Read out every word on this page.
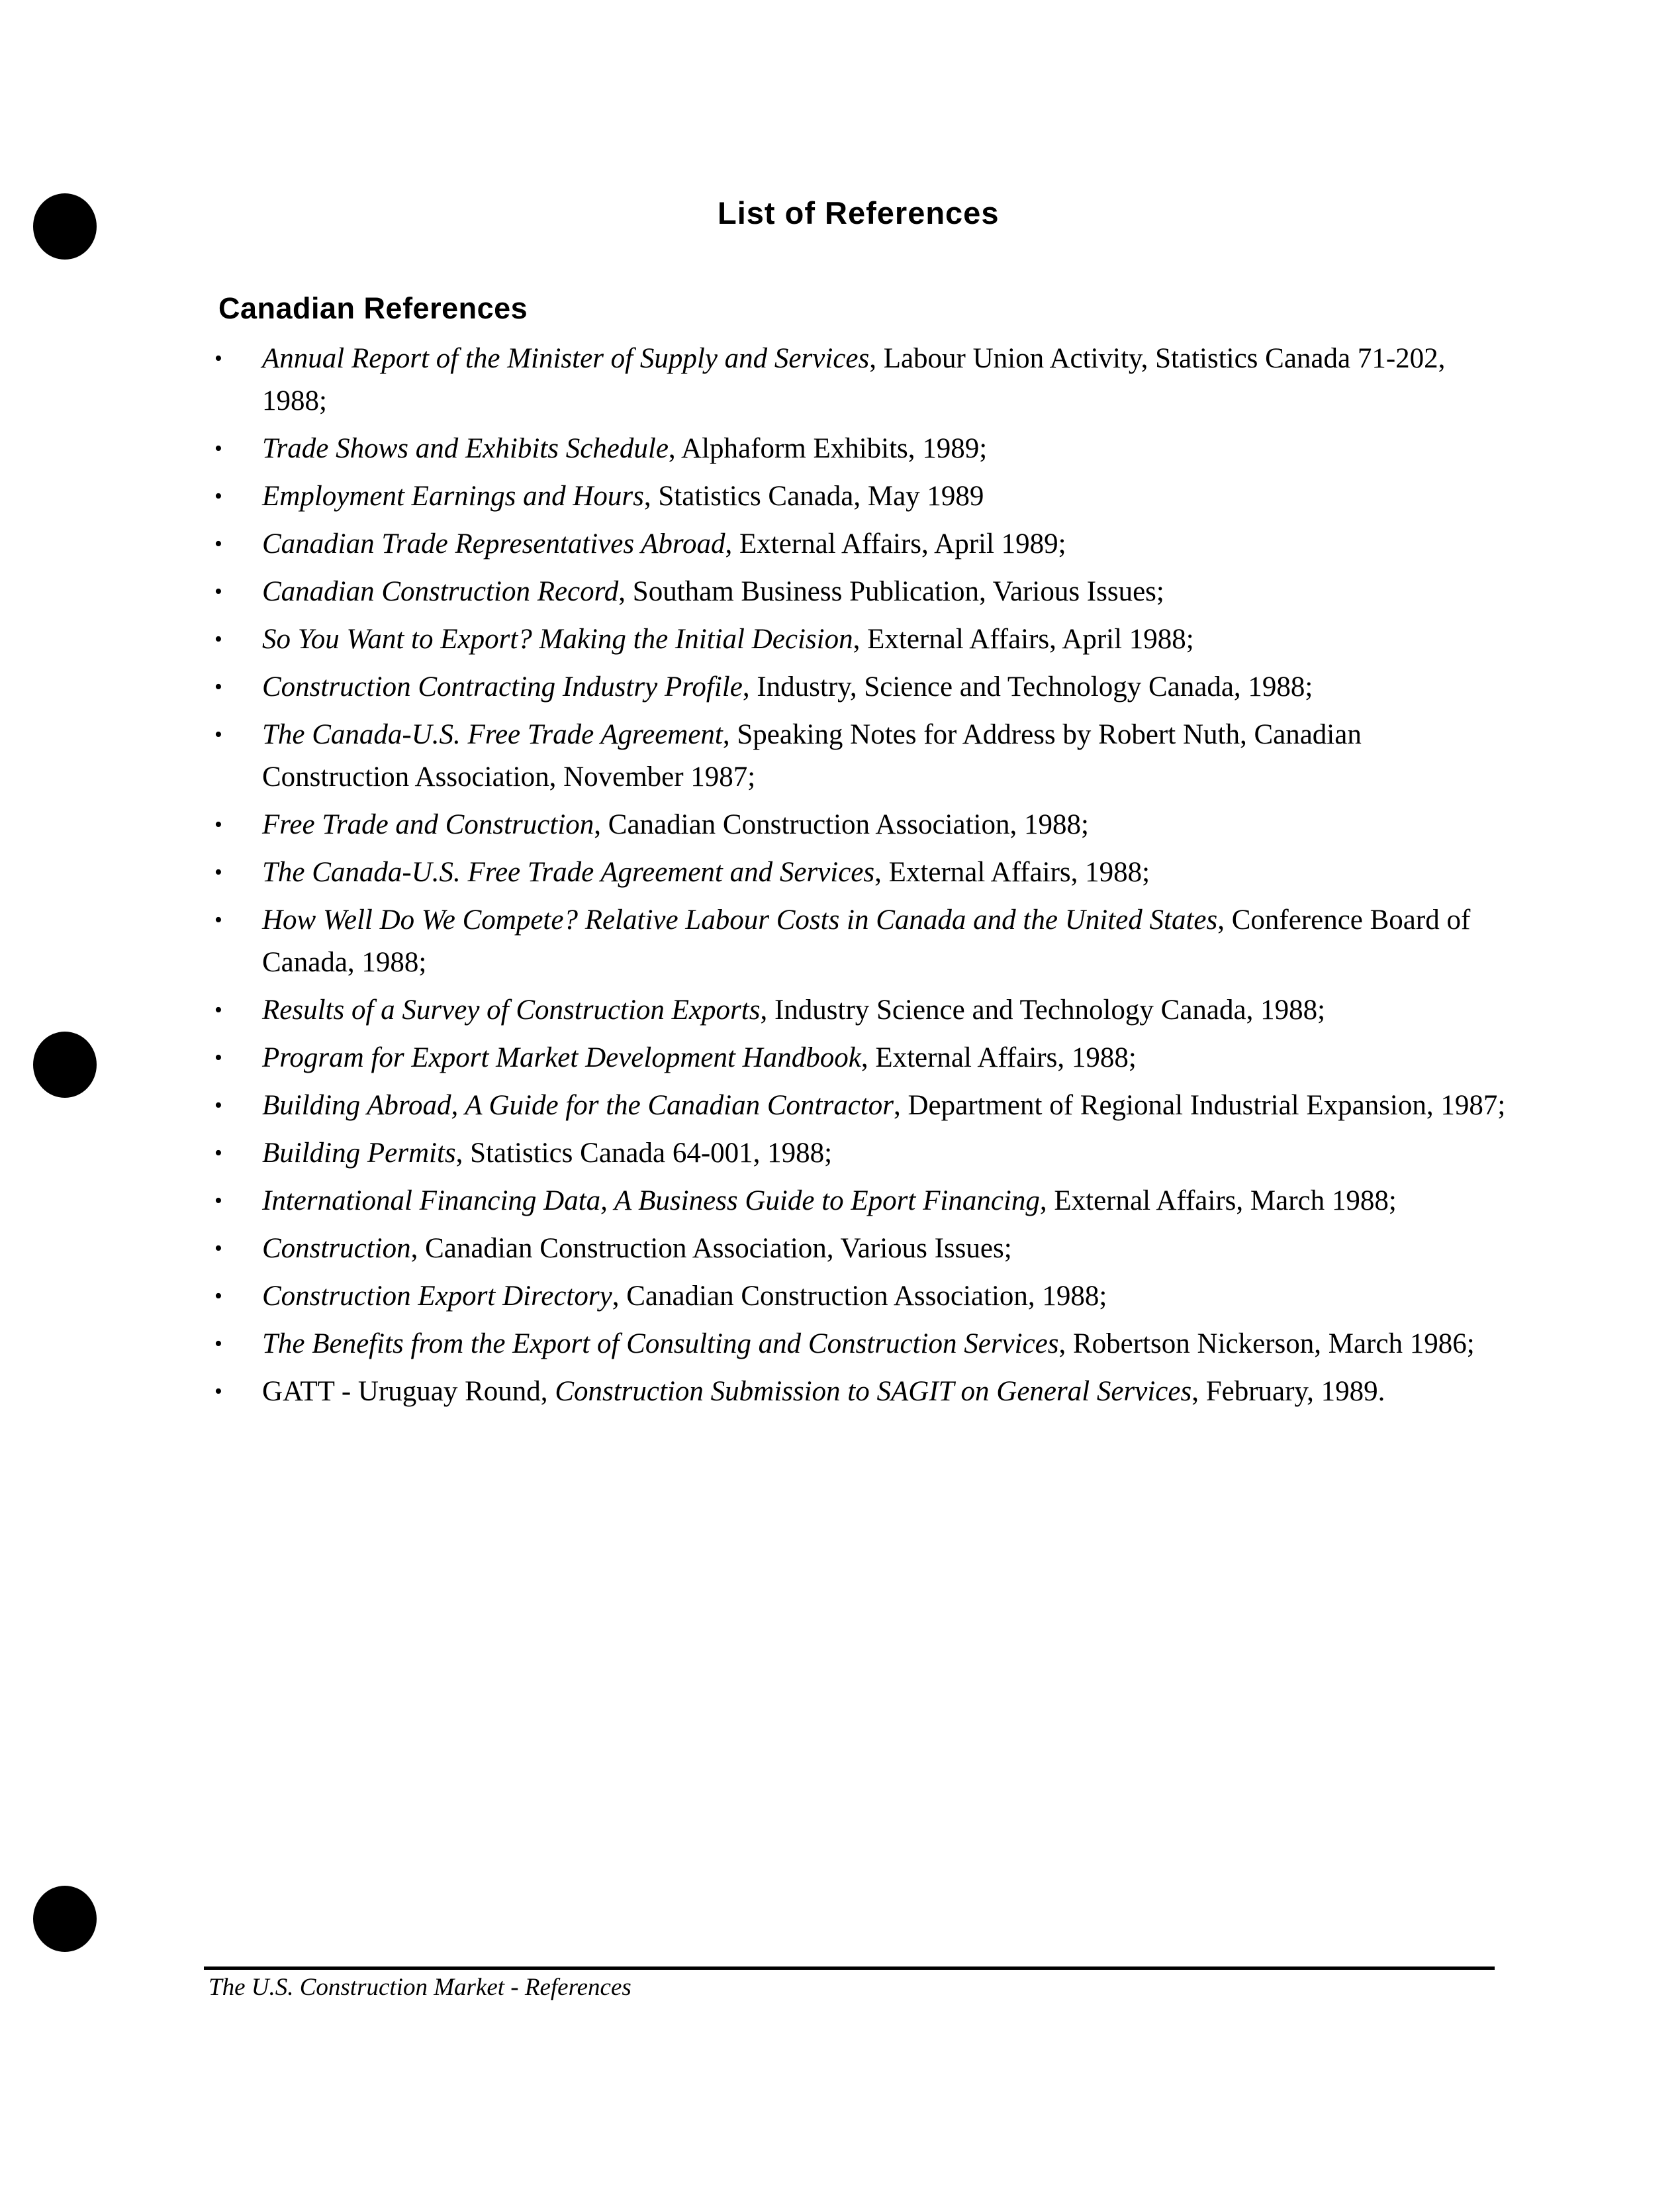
List of References
Canadian References
• Annual Report of the Minister of Supply and Services, Labour Union Activity, Statistics Canada 71-202, 1988;
• Trade Shows and Exhibits Schedule, Alphaform Exhibits, 1989;
• Employment Earnings and Hours, Statistics Canada, May 1989
• Canadian Trade Representatives Abroad, External Affairs, April 1989;
• Canadian Construction Record, Southam Business Publication, Various Issues;
• So You Want to Export? Making the Initial Decision, External Affairs, April 1988;
• Construction Contracting Industry Profile, Industry, Science and Technology Canada, 1988;
• The Canada-U.S. Free Trade Agreement, Speaking Notes for Address by Robert Nuth, Canadian Construction Association, November 1987;
• Free Trade and Construction, Canadian Construction Association, 1988;
• The Canada-U.S. Free Trade Agreement and Services, External Affairs, 1988;
• How Well Do We Compete? Relative Labour Costs in Canada and the United States, Conference Board of Canada, 1988;
• Results of a Survey of Construction Exports, Industry Science and Technology Canada, 1988;
• Program for Export Market Development Handbook, External Affairs, 1988;
• Building Abroad, A Guide for the Canadian Contractor, Department of Regional Industrial Expansion, 1987;
• Building Permits, Statistics Canada 64-001, 1988;
• International Financing Data, A Business Guide to Eport Financing, External Affairs, March 1988;
• Construction, Canadian Construction Association, Various Issues;
• Construction Export Directory, Canadian Construction Association, 1988;
• The Benefits from the Export of Consulting and Construction Services, Robertson Nickerson, March 1986;
• GATT - Uruguay Round, Construction Submission to SAGIT on General Services, February, 1989.
The U.S. Construction Market - References
